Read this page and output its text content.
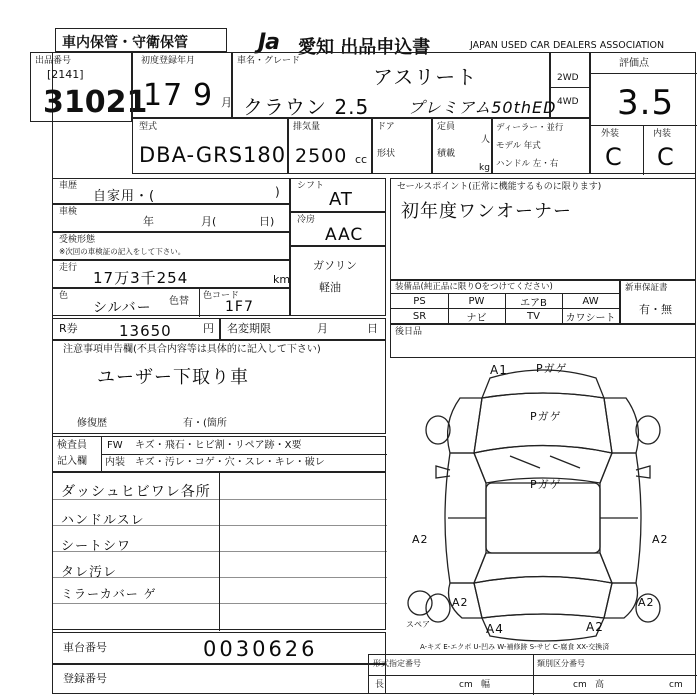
車内保管・守衛保管	Ja 愛知 出品申込書	JAPAN USED CAR DEALERS ASSOCIATION
出品番号
[2141]
31021
初度登録年月
17 9 月
車名・グレード
アスリート
クラウン 2.5 プレミアム50thED
2WD
4WD
評価点
3.5
外装	内装
C C
型式
DBA-GRS180
排気量
2500 cc
ドア
形状
定員
人
積載
kg
ディーラー・並行
モデル 年式
ハンドル 左・右
車歴
自家用・(	)
車検
年	月(	日)
受検形態
※次回の車検証の記入をして下さい。
走行
17万3千254	km
色
シルバー 色替 色コード
1F7
シフト
AT
冷房
AAC
ガソリン
軽油
セールスポイント(正常に機能するものに限ります)
初年度ワンオーナー
装備品(純正品に限りOをつけてください)
PS	PW	エアB	AW
SR	ナビ	TV	カワシート
新車保証書
有・無
R券	13650	円 名変期限	月	日 後日品
注意事項申告欄(不具合内容等は具体的に記入して下さい)
ユーザー下取り車
修復歴	有・(箇所
検査員
記入欄
FW キズ・飛石・ヒビ割・リペア跡・X要
内装 キズ・汚レ・コゲ・穴・スレ・キレ・破レ
ダッシュヒビワレ各所
ハンドルスレ
シートシワ
タレ汚レ
ミラーカバー ゲ
車台番号	0030626
登録番号
A1	Pガゲ
Pガゲ
Pガゲ
A2	A2
A2	A2
A4	A2
スペア
A-キズ E-エクボ U-凹み W-補修跡 S-サビ C-腐食 XX-交換済
形式指定番号	類別区分番号
長	cm 幅	cm 高	cm
